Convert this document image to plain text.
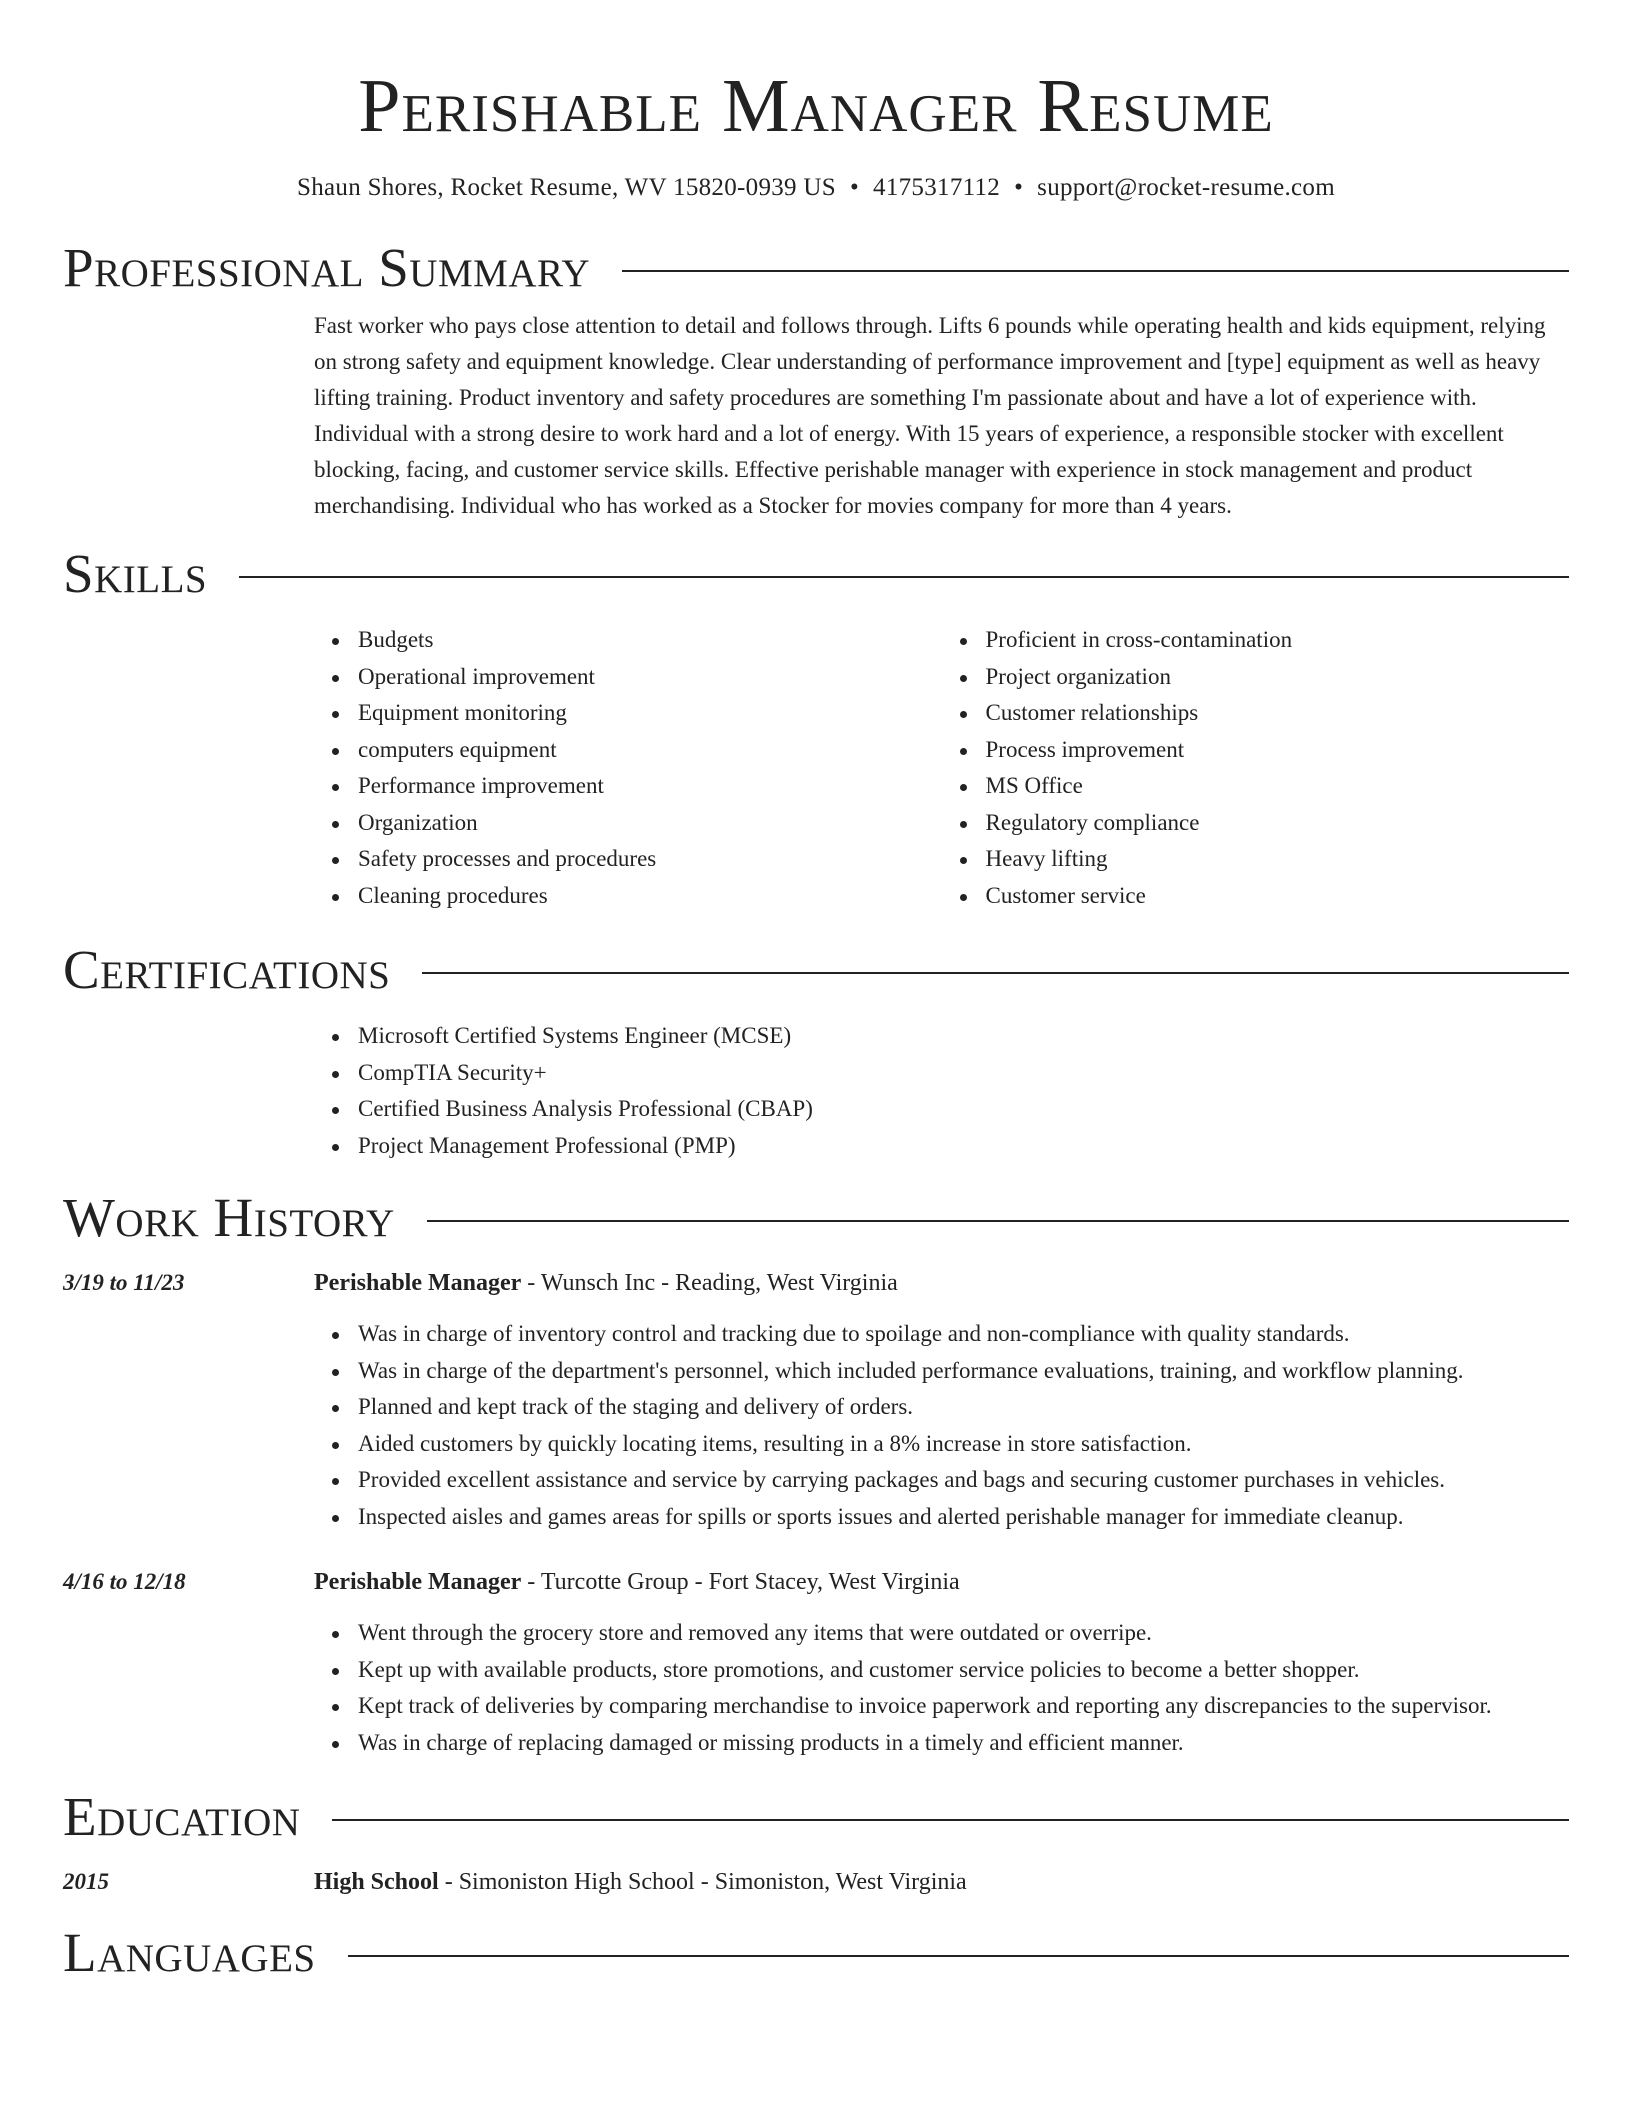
Perishable Manager Resume
Shaun Shores, Rocket Resume, WV 15820-0939 US • 4175317112 • support@rocket-resume.com
Professional Summary

Fast worker who pays close attention to detail and follows through. Lifts 6 pounds while operating health and kids equipment, relying on strong safety and equipment knowledge. Clear understanding of performance improvement and [type] equipment as well as heavy lifting training. Product inventory and safety procedures are something I'm passionate about and have a lot of experience with. Individual with a strong desire to work hard and a lot of energy. With 15 years of experience, a responsible stocker with excellent blocking, facing, and customer service skills. Effective perishable manager with experience in stock management and product merchandising. Individual who has worked as a Stocker for movies company for more than 4 years.

Skills
Budgets
Operational improvement
Equipment monitoring
computers equipment
Performance improvement
Organization
Safety processes and procedures
Cleaning procedures
Proficient in cross-contamination
Project organization
Customer relationships
Process improvement
MS Office
Regulatory compliance
Heavy lifting
Customer service
Certifications
Microsoft Certified Systems Engineer (MCSE)
CompTIA Security+
Certified Business Analysis Professional (CBAP)
Project Management Professional (PMP)
Work History
3/19 to 11/23	Perishable Manager - Wunsch Inc - Reading, West Virginia
Was in charge of inventory control and tracking due to spoilage and non-compliance with quality standards.
Was in charge of the department's personnel, which included performance evaluations, training, and workflow planning.
Planned and kept track of the staging and delivery of orders.
Aided customers by quickly locating items, resulting in a 8% increase in store satisfaction.
Provided excellent assistance and service by carrying packages and bags and securing customer purchases in vehicles.
Inspected aisles and games areas for spills or sports issues and alerted perishable manager for immediate cleanup.
4/16 to 12/18	Perishable Manager - Turcotte Group - Fort Stacey, West Virginia
Went through the grocery store and removed any items that were outdated or overripe.
Kept up with available products, store promotions, and customer service policies to become a better shopper.
Kept track of deliveries by comparing merchandise to invoice paperwork and reporting any discrepancies to the supervisor.
Was in charge of replacing damaged or missing products in a timely and efficient manner.
Education
2015	High School - Simoniston High School - Simoniston, West Virginia
Languages
